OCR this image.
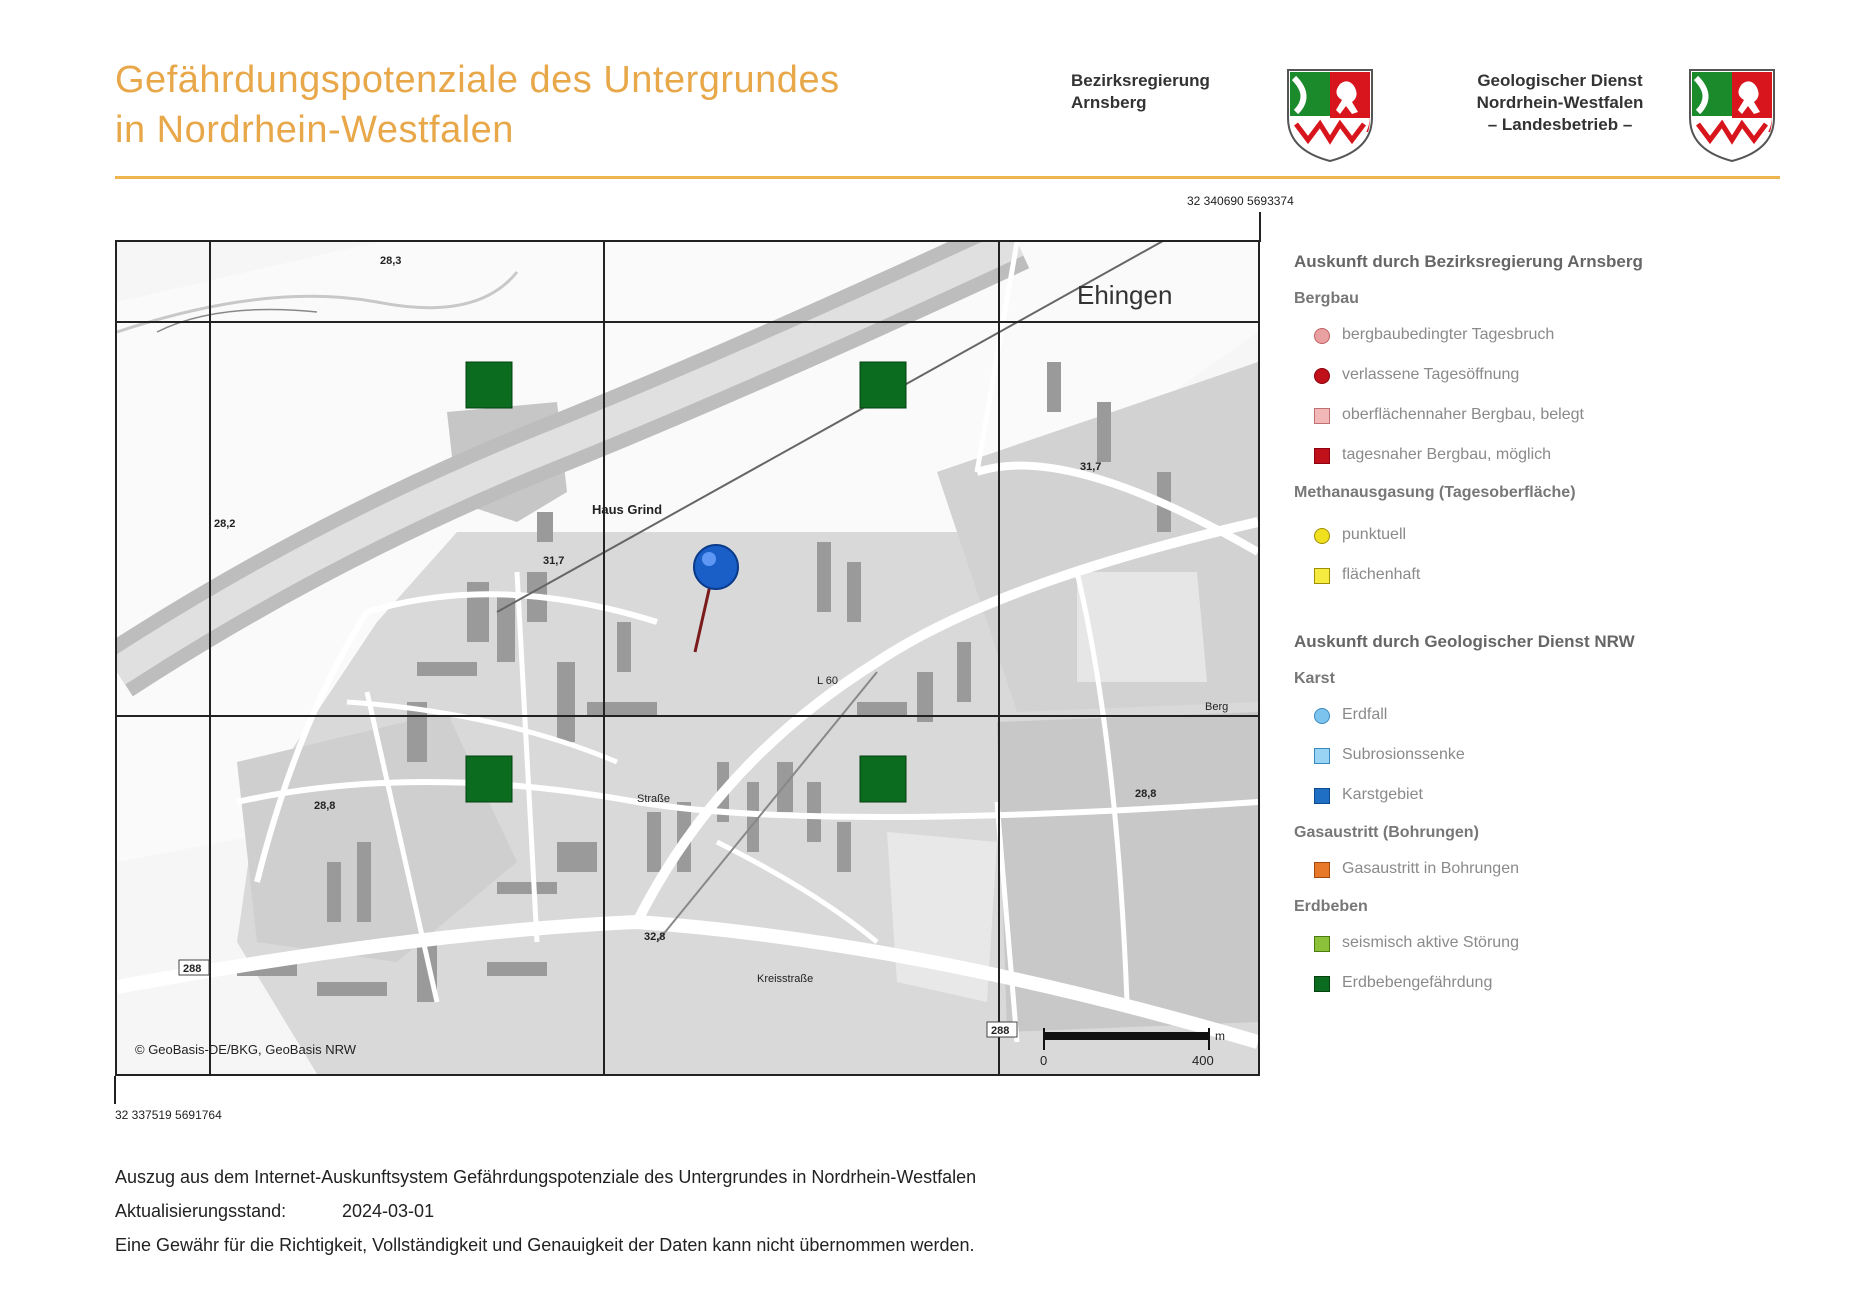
Gefährdungspotenziale des Untergrundes
in Nordrhein-Westfalen
Bezirksregierung
Arnsberg
Geologischer Dienst
Nordrhein-Westfalen
– Landesbetrieb –
32 340690 5693374
Ehingen
Haus Grind
28,3
28,2
31,7
31,7
28,8
28,8
32,8
288
288
L 60
Berg
Kreisstraße
Straße
© GeoBasis-DE/BKG, GeoBasis NRW
0	400
m
32 337519 5691764
Auskunft durch Bezirksregierung Arnsberg
Bergbau
bergbaubedingter Tagesbruch
verlassene Tagesöffnung
oberflächennaher Bergbau, belegt
tagesnaher Bergbau, möglich
Methanausgasung (Tagesoberfläche)
punktuell
flächenhaft
Auskunft durch Geologischer Dienst NRW
Karst
Erdfall
Subrosionssenke
Karstgebiet
Gasaustritt (Bohrungen)
Gasaustritt in Bohrungen
Erdbeben
seismisch aktive Störung
Erdbebengefährdung
Auszug aus dem Internet-Auskunftsystem Gefährdungspotenziale des Untergrundes in Nordrhein-Westfalen
Aktualisierungsstand:	2024-03-01
Eine Gewähr für die Richtigkeit, Vollständigkeit und Genauigkeit der Daten kann nicht übernommen werden.
